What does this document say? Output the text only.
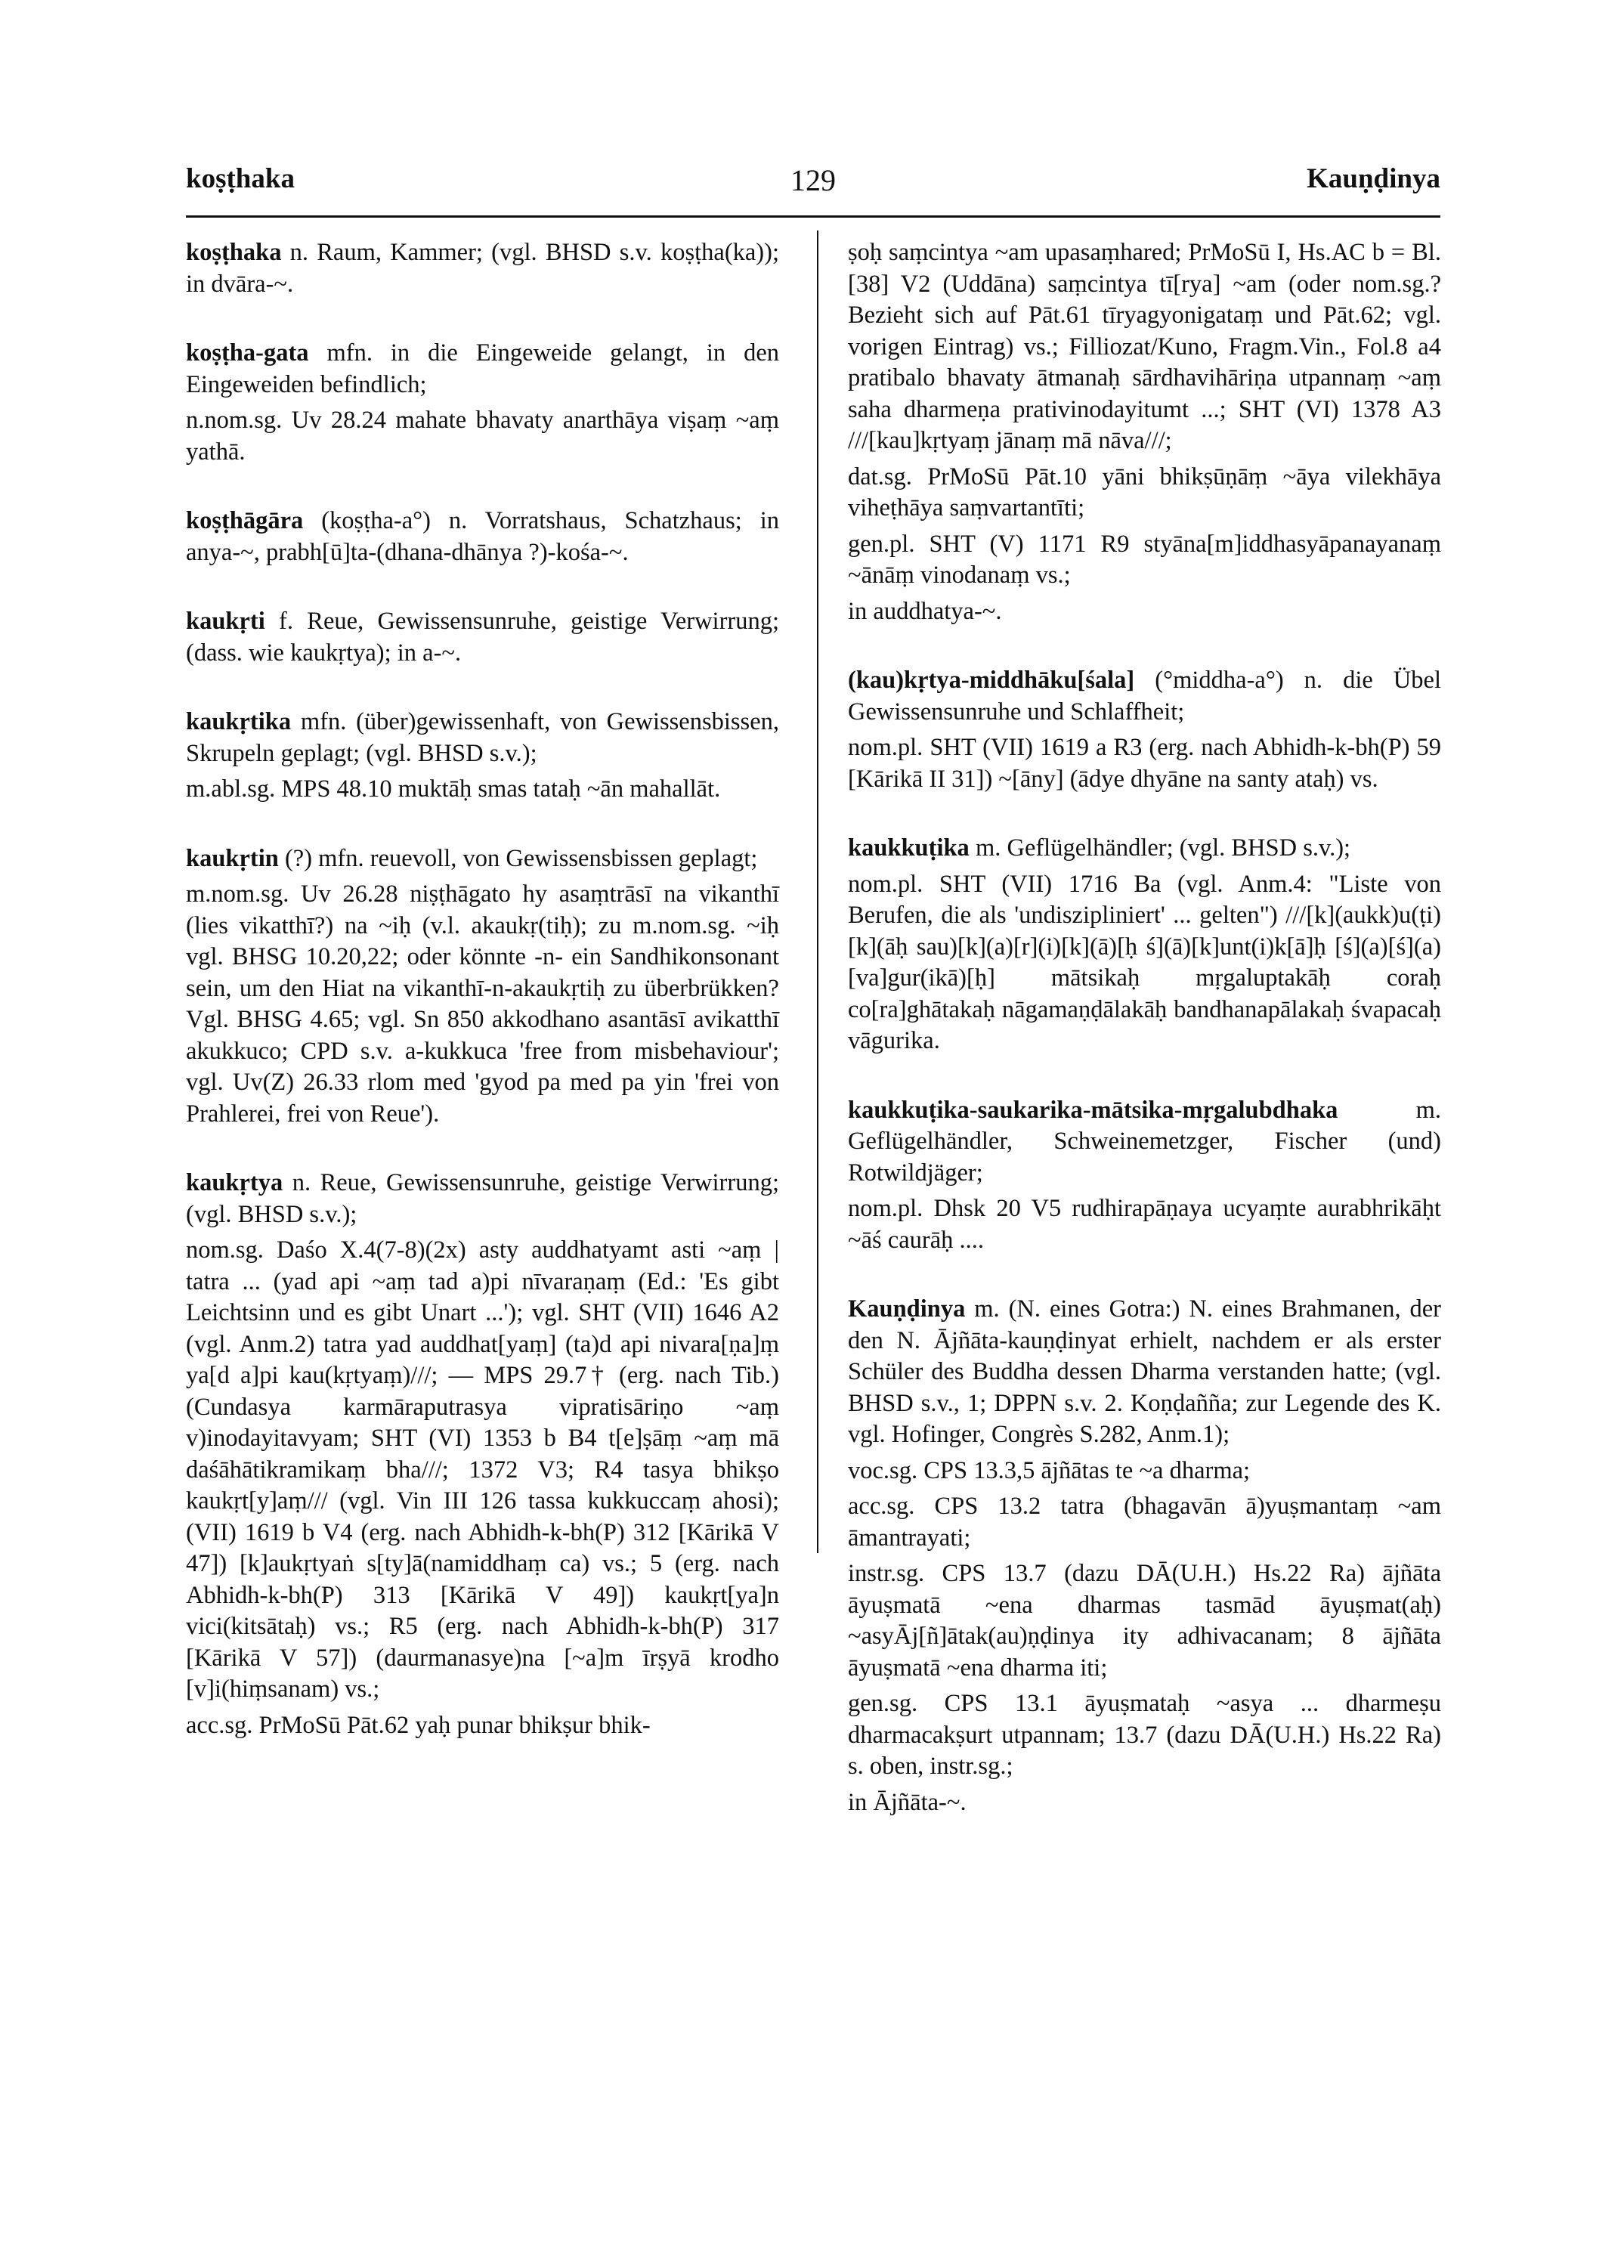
koṣṭhaka	129	Kauṇḍinya

koṣṭhaka n. Raum, Kammer; (vgl. BHSD s.v. koṣṭha(ka)); in dvāra-~.

koṣṭha-gata mfn. in die Eingeweide gelangt, in den Eingeweiden befindlich;

n.nom.sg. Uv 28.24 mahate bhavaty anarthāya viṣaṃ ~aṃ yathā.

koṣṭhāgāra (koṣṭha-a°) n. Vorratshaus, Schatzhaus; in anya-~, prabh[ū]ta-(dhana-dhānya ?)-kośa-~.

kaukṛti f. Reue, Gewissensunruhe, geistige Verwirrung; (dass. wie kaukṛtya); in a-~.

kaukṛtika mfn. (über)gewissenhaft, von Gewissensbissen, Skrupeln geplagt; (vgl. BHSD s.v.);

m.abl.sg. MPS 48.10 muktāḥ smas tataḥ ~ān mahallāt.

kaukṛtin (?) mfn. reuevoll, von Gewissensbissen geplagt;

m.nom.sg. Uv 26.28 niṣṭhāgato hy asaṃtrāsī na vikanthī (lies vikatthī?) na ~iḥ (v.l. akaukṛ(tiḥ); zu m.nom.sg. ~iḥ vgl. BHSG 10.20,22; oder könnte -n- ein Sandhikonsonant sein, um den Hiat na vikanthī-n-akaukṛtiḥ zu überbrükken? Vgl. BHSG 4.65; vgl. Sn 850 akkodhano asantāsī avikatthī akukkuco; CPD s.v. a-kukkuca 'free from misbehaviour'; vgl. Uv(Z) 26.33 rlom med 'gyod pa med pa yin 'frei von Prahlerei, frei von Reue').

kaukṛtya n. Reue, Gewissensunruhe, geistige Verwirrung; (vgl. BHSD s.v.);

nom.sg. Daśo X.4(7-8)(2x) asty auddhatyamt asti ~aṃ | tatra ... (yad api ~aṃ tad a)pi nīvaraṇaṃ (Ed.: 'Es gibt Leichtsinn und es gibt Unart ...'); vgl. SHT (VII) 1646 A2 (vgl. Anm.2) tatra yad auddhat[yaṃ] (ta)d api nivara[ṇa]ṃ ya[d a]pi kau(kṛtyaṃ)///; — MPS 29.7† (erg. nach Tib.) (Cundasya karmāraputrasya vipratisāriṇo ~aṃ v)inodayitavyam; SHT (VI) 1353 b B4 t[e]ṣāṃ ~aṃ mā daśāhātikramikaṃ bha///; 1372 V3; R4 tasya bhikṣo kaukṛt[y]aṃ/// (vgl. Vin III 126 tassa kukkuccaṃ ahosi); (VII) 1619 b V4 (erg. nach Abhidh-k-bh(P) 312 [Kārikā V 47]) [k]aukṛtyaṅ s[ty]ā(namiddhaṃ ca) vs.; 5 (erg. nach Abhidh-k-bh(P) 313 [Kārikā V 49]) kaukṛt[ya]n vici(kitsātaḥ) vs.; R5 (erg. nach Abhidh-k-bh(P) 317 [Kārikā V 57]) (daurmanasye)na [~a]m īrṣyā krodho [v]i(hiṃsanam) vs.;

acc.sg. PrMoSū Pāt.62 yaḥ punar bhikṣur bhik-

ṣoḥ saṃcintya ~am upasaṃhared; PrMoSū I, Hs.AC b = Bl.[38] V2 (Uddāna) saṃcintya tī[rya] ~am (oder nom.sg.? Bezieht sich auf Pāt.61 tīryagyonigataṃ und Pāt.62; vgl. vorigen Eintrag) vs.; Filliozat/Kuno, Fragm.Vin., Fol.8 a4 pratibalo bhavaty ātmanaḥ sārdhavihāriṇa utpannaṃ ~aṃ saha dharmeṇa prativinodayitumt ...; SHT (VI) 1378 A3 ///[kau]kṛtyaṃ jānaṃ mā nāva///;

dat.sg. PrMoSū Pāt.10 yāni bhikṣūṇāṃ ~āya vilekhāya viheṭhāya saṃvartantīti;

gen.pl. SHT (V) 1171 R9 styāna[m]iddhasyāpanayanaṃ ~ānāṃ vinodanaṃ vs.;

in auddhatya-~.

(kau)kṛtya-middhāku[śala] (°middha-a°) n. die Übel Gewissensunruhe und Schlaffheit;

nom.pl. SHT (VII) 1619 a R3 (erg. nach Abhidh-k-bh(P) 59 [Kārikā II 31]) ~[āny] (ādye dhyāne na santy ataḥ) vs.

kaukkuṭika m. Geflügelhändler; (vgl. BHSD s.v.);

nom.pl. SHT (VII) 1716 Ba (vgl. Anm.4: "Liste von Berufen, die als 'undiszipliniert' ... gelten") ///[k](aukk)u(ṭi)[k](āḥ sau)[k](a)[r](i)[k](ā)[ḥ ś](ā)[k]unt(i)k[ā]ḥ [ś](a)[ś](a)[va]gur(ikā)[ḥ] mātsikaḥ mṛgaluptakāḥ coraḥ co[ra]ghātakaḥ nāgamaṇḍālakāḥ bandhanapālakaḥ śvapacaḥ vāgurika.

kaukkuṭika-saukarika-mātsika-mṛgalubdhaka m. Geflügelhändler, Schweinemetzger, Fischer (und) Rotwildjäger;

nom.pl. Dhsk 20 V5 rudhirapāṇaya ucyaṃte aurabhrikāḥt ~āś caurāḥ ....

Kauṇḍinya m. (N. eines Gotra:) N. eines Brahmanen, der den N. Ājñāta-kauṇḍinyat erhielt, nachdem er als erster Schüler des Buddha dessen Dharma verstanden hatte; (vgl. BHSD s.v., 1; DPPN s.v. 2. Koṇḍañña; zur Legende des K. vgl. Hofinger, Congrès S.282, Anm.1);

voc.sg. CPS 13.3,5 ājñātas te ~a dharma;

acc.sg. CPS 13.2 tatra (bhagavān ā)yuṣmantaṃ ~am āmantrayati;

instr.sg. CPS 13.7 (dazu DĀ(U.H.) Hs.22 Ra) ājñāta āyuṣmatā ~ena dharmas tasmād āyuṣmat(aḥ) ~asyĀj[ñ]ātak(au)ṇḍinya ity adhivacanam; 8 ājñāta āyuṣmatā ~ena dharma iti;

gen.sg. CPS 13.1 āyuṣmataḥ ~asya ... dharmeṣu dharmacakṣurt utpannam; 13.7 (dazu DĀ(U.H.) Hs.22 Ra) s. oben, instr.sg.;

in Ājñāta-~.
